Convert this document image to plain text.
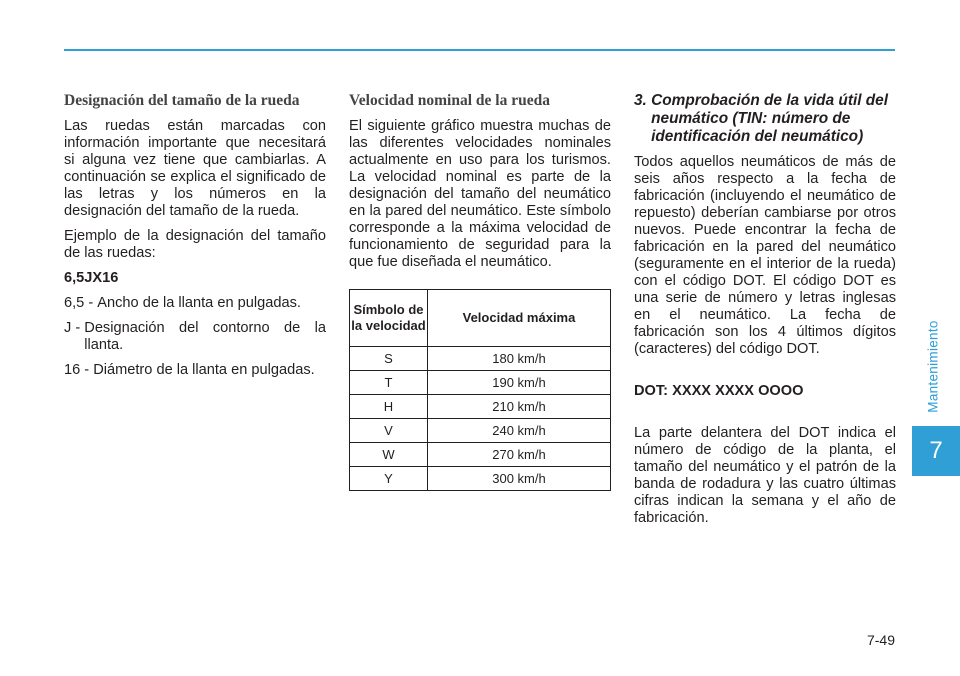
Designación del tamaño de la rueda

Las ruedas están marcadas con información importante que necesitará si alguna vez tiene que cambiarlas. A continuación se explica el significado de las letras y los números en la designación del tamaño de la rueda.

Ejemplo de la designación del tamaño de las ruedas:

6,5JX16

6,5 - Ancho de la llanta en pulgadas.
J - Designación del contorno de la llanta.
16 - Diámetro de la llanta en pulgadas.
Velocidad nominal de la rueda

El siguiente gráfico muestra muchas de las diferentes velocidades nominales actualmente en uso para los turismos. La velocidad nominal es parte de la designación del tamaño del neumático en la pared del neumático. Este símbolo corresponde a la máxima velocidad de funcionamiento de seguridad para la que fue diseñada el neumático.

Símbolo de la velocidad	Velocidad máxima
S	180 km/h
T	190 km/h
H	210 km/h
V	240 km/h
W	270 km/h
Y	300 km/h
3. Comprobación de la vida útil del neumático (TIN: número de identificación del neumático)

Todos aquellos neumáticos de más de seis años respecto a la fecha de fabricación (incluyendo el neumático de repuesto) deberían cambiarse por otros nuevos. Puede encontrar la fecha de fabricación en la pared del neumático (seguramente en el interior de la rueda) con el código DOT. El código DOT es una serie de número y letras inglesas en el neumático. La fecha de fabricación son los 4 últimos dígitos (caracteres) del código DOT.

DOT: XXXX XXXX OOOO

La parte delantera del DOT indica el número de código de la planta, el tamaño del neumático y el patrón de la banda de rodadura y las cuatro últimas cifras indican la semana y el año de fabricación.

Mantenimiento
7
7-49
